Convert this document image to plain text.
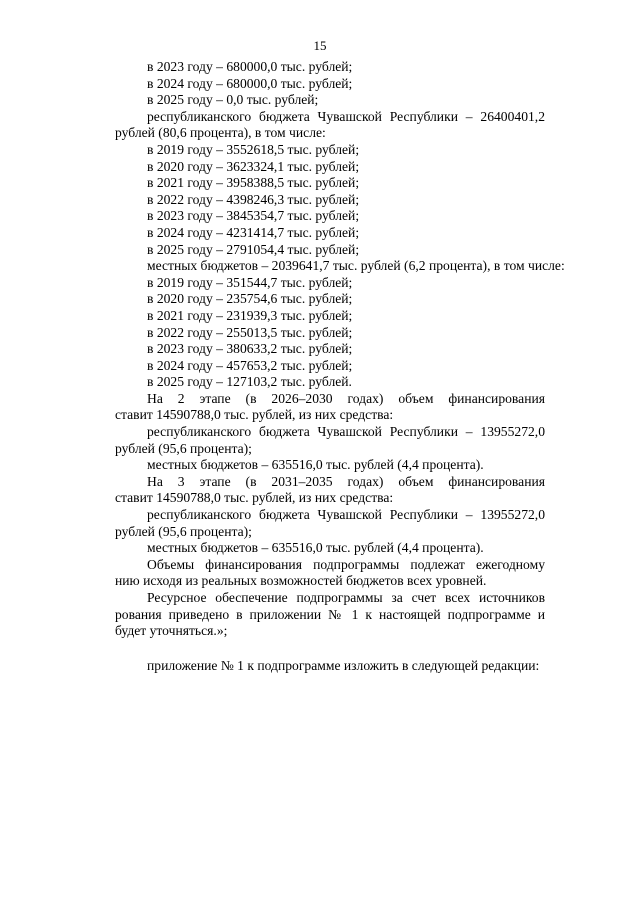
15
в 2023 году – 680000,0 тыс. рублей;
в 2024 году – 680000,0 тыс. рублей;
в 2025 году – 0,0 тыс. рублей;
республиканского бюджета Чувашской Республики – 26400401,2
рублей (80,6 процента), в том числе:
в 2019 году – 3552618,5 тыс. рублей;
в 2020 году – 3623324,1 тыс. рублей;
в 2021 году – 3958388,5 тыс. рублей;
в 2022 году – 4398246,3 тыс. рублей;
в 2023 году – 3845354,7 тыс. рублей;
в 2024 году – 4231414,7 тыс. рублей;
в 2025 году – 2791054,4 тыс. рублей;
местных бюджетов – 2039641,7 тыс. рублей (6,2 процента), в том числе:
в 2019 году – 351544,7 тыс. рублей;
в 2020 году – 235754,6 тыс. рублей;
в 2021 году – 231939,3 тыс. рублей;
в 2022 году – 255013,5 тыс. рублей;
в 2023 году – 380633,2 тыс. рублей;
в 2024 году – 457653,2 тыс. рублей;
в 2025 году – 127103,2 тыс. рублей.
На 2 этапе (в 2026–2030 годах) объем финансирования
ставит 14590788,0 тыс. рублей, из них средства:
республиканского бюджета Чувашской Республики – 13955272,0
рублей (95,6 процента);
местных бюджетов – 635516,0 тыс. рублей (4,4 процента).
На 3 этапе (в 2031–2035 годах) объем финансирования
ставит 14590788,0 тыс. рублей, из них средства:
республиканского бюджета Чувашской Республики – 13955272,0
рублей (95,6 процента);
местных бюджетов – 635516,0 тыс. рублей (4,4 процента).
Объемы финансирования подпрограммы подлежат ежегодному
нию исходя из реальных возможностей бюджетов всех уровней.
Ресурсное обеспечение подпрограммы за счет всех источников
рования приведено в приложении № 1 к настоящей подпрограмме и
будет уточняться.»;
приложение № 1 к подпрограмме изложить в следующей редакции:
